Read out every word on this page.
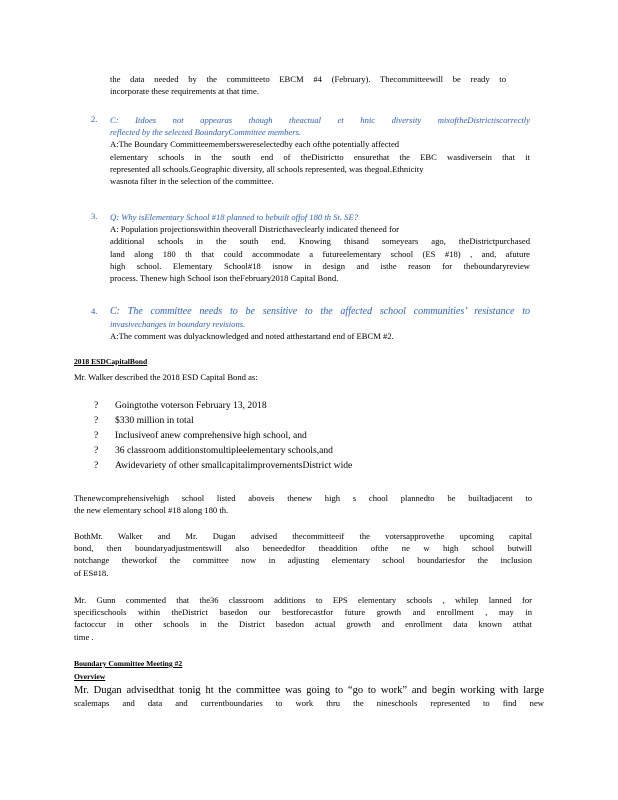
the data needed by the committeeto EBCM #4 (February). Thecommitteewill be ready to
incorporate these requirements at that time.
2. C: Itdoes not appearas though theactual et hnic diversity mixoftheDistrictiscorrectly
reflected by the selected BoundaryCommittee members.
A:The Boundary Committeememberswereselectedby each ofthe potentially affected
elementary schools in the south end of theDistrictto ensurethat the EBC wasdiversein that it
represented all schools.Geographic diversity, all schools represented, was thegoal.Ethnicity
wasnota filter in the selection of the committee.
3. Q: Why isElementary School #18 planned to bebuilt offof 180 th St. SE?
A: Population projectionswithin theoverall Districthaveclearly indicated theneed for
additional schools in the south end. Knowing thisand someyears ago, theDistrictpurchased
land along 180 th that could accommodate a futureelementary school (ES #18) , and, afuture
high school. Elementary School#18 isnow in design and isthe reason for theboundaryreview
process. Thenew high School ison theFebruary2018 Capital Bond.
4. C: The committee needs to be sensitive to the affected school communities’ resistance to
invasivechanges in boundary revisions.
A:The comment was dulyacknowledged and noted atthestartand end of EBCM #2.
2018 ESDCapitalBond
Mr. Walker described the 2018 ESD Capital Bond as:
? Goingtothe voterson February 13, 2018
? $330 million in total
? Inclusiveof anew comprehensive high school, and
? 36 classroom additionstomultipleelementary schools,and
? Awidevariety of other smallcapitalimprovementsDistrict wide
Thenewcomprehensivehigh school listed aboveis thenew high s chool plannedto be builtadjacent to
the new elementary school #18 along 180 th.
BothMr. Walker and Mr. Dugan advised thecommitteeif the votersapprovethe upcoming capital
bond, then boundaryadjustmentswill also beneededfor theaddition ofthe ne w high school butwill
notchange theworkof the committee now in adjusting elementary school boundariesfor the inclusion
of ES#18.
Mr. Gunn commented that the36 classroom additions to EPS elementary schools , whilep lanned for
specificschools within theDistrict basedon our bestforecastfor future growth and enrollment , may in
factoccur in other schools in the District basedon actual growth and enrollment data known atthat
time .
Boundary Committee Meeting #2
Overview
Mr. Dugan advisedthat tonig ht the committee was going to “go to work” and begin working with large
scalemaps and data and currentboundaries to work thru the nineschools represented to find new
